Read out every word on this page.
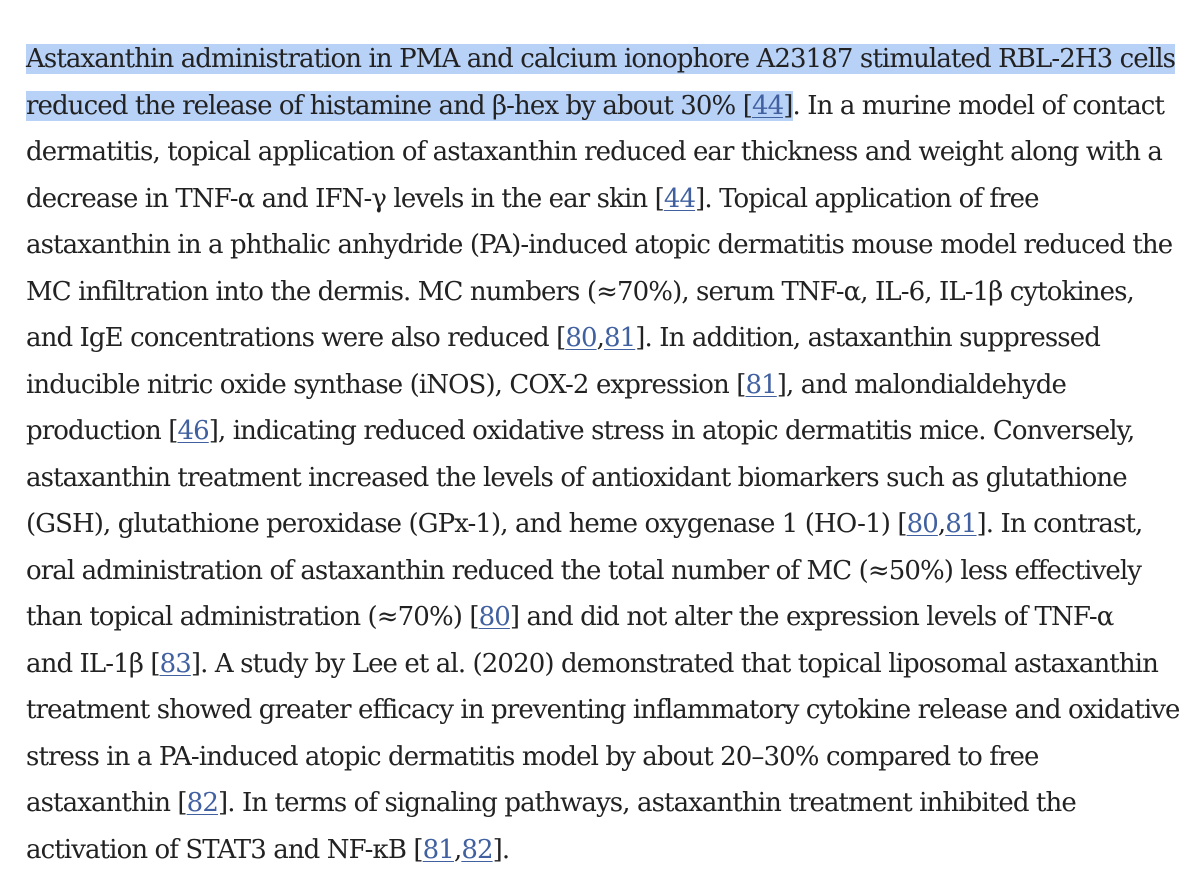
Astaxanthin administration in PMA and calcium ionophore A23187 stimulated RBL-2H3 cells
reduced the release of histamine and β-hex by about 30% [44]. In a murine model of contact
dermatitis, topical application of astaxanthin reduced ear thickness and weight along with a
decrease in TNF-α and IFN-γ levels in the ear skin [44]. Topical application of free
astaxanthin in a phthalic anhydride (PA)-induced atopic dermatitis mouse model reduced the
MC infiltration into the dermis. MC numbers (≈70%), serum TNF-α, IL-6, IL-1β cytokines,
and IgE concentrations were also reduced [80,81]. In addition, astaxanthin suppressed
inducible nitric oxide synthase (iNOS), COX-2 expression [81], and malondialdehyde
production [46], indicating reduced oxidative stress in atopic dermatitis mice. Conversely,
astaxanthin treatment increased the levels of antioxidant biomarkers such as glutathione
(GSH), glutathione peroxidase (GPx-1), and heme oxygenase 1 (HO-1) [80,81]. In contrast,
oral administration of astaxanthin reduced the total number of MC (≈50%) less effectively
than topical administration (≈70%) [80] and did not alter the expression levels of TNF-α
and IL-1β [83]. A study by Lee et al. (2020) demonstrated that topical liposomal astaxanthin
treatment showed greater efficacy in preventing inflammatory cytokine release and oxidative
stress in a PA-induced atopic dermatitis model by about 20–30% compared to free
astaxanthin [82]. In terms of signaling pathways, astaxanthin treatment inhibited the
activation of STAT3 and NF-κB [81,82].
